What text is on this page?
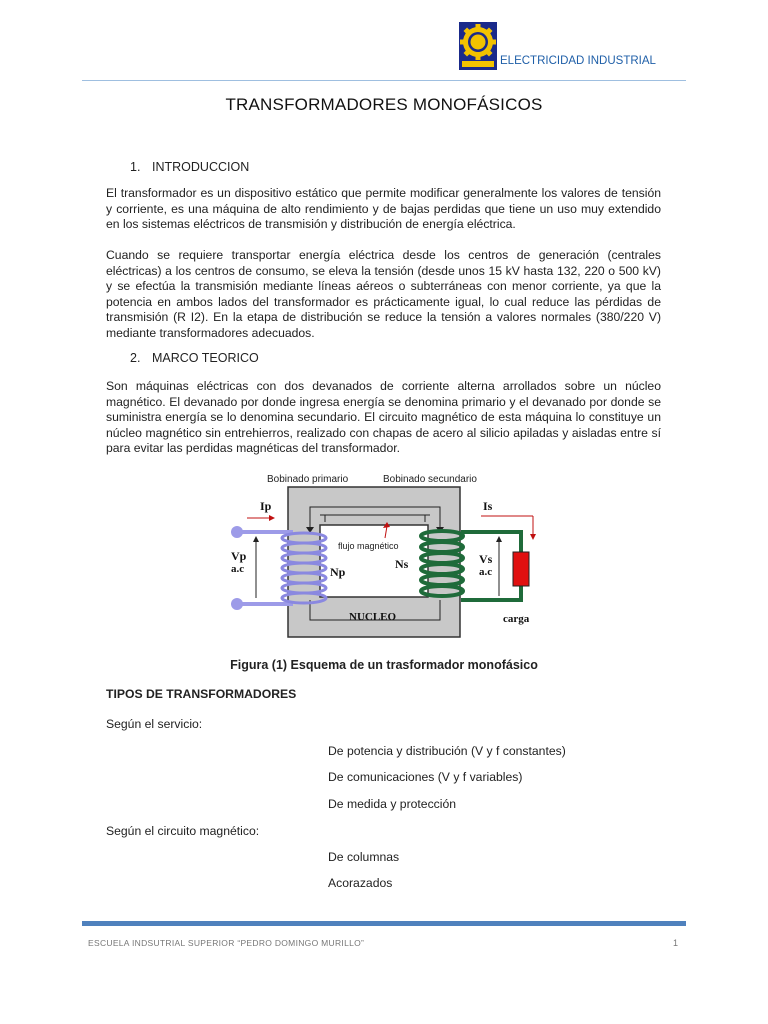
ELECTRICIDAD INDUSTRIAL
TRANSFORMADORES MONOFÁSICOS
1. INTRODUCCION
El transformador es un dispositivo estático que permite modificar generalmente los valores de tensión y corriente, es una máquina de alto rendimiento y de bajas perdidas que tiene un uso muy extendido en los sistemas eléctricos de transmisión y distribución de energía eléctrica.
Cuando se requiere transportar energía eléctrica desde los centros de generación (centrales eléctricas) a los centros de consumo, se eleva la tensión (desde unos 15 kV hasta 132, 220 o 500 kV) y se efectúa la transmisión mediante líneas aéreos o subterráneas con menor corriente, ya que la potencia en ambos lados del transformador es prácticamente igual, lo cual reduce las pérdidas de transmisión (R I2). En la etapa de distribución se reduce la tensión a valores normales (380/220 V) mediante transformadores adecuados.
2. MARCO TEORICO
Son máquinas eléctricas con dos devanados de corriente alterna arrollados sobre un núcleo magnético. El devanado por donde ingresa energía se denomina primario y el devanado por donde se suministra energía se lo denomina secundario. El circuito magnético de esta máquina lo constituye un núcleo magnético sin entrehierros, realizado con chapas de acero al silicio apiladas y aisladas entre sí para evitar las perdidas magnéticas del transformador.
Bobinado primario	Bobinado secundario
Ip	Is
Vp
a.c
Vs
a.c
Np
Ns
flujo magnético
NUCLEO	carga
Figura (1) Esquema de un trasformador monofásico
TIPOS DE TRANSFORMADORES
Según el servicio:
De potencia y distribución (V y f constantes)
De comunicaciones (V y f variables)
De medida y protección
Según el circuito magnético:
De columnas
Acorazados
ESCUELA INDSUTRIAL SUPERIOR “PEDRO DOMINGO MURILLO”	1
